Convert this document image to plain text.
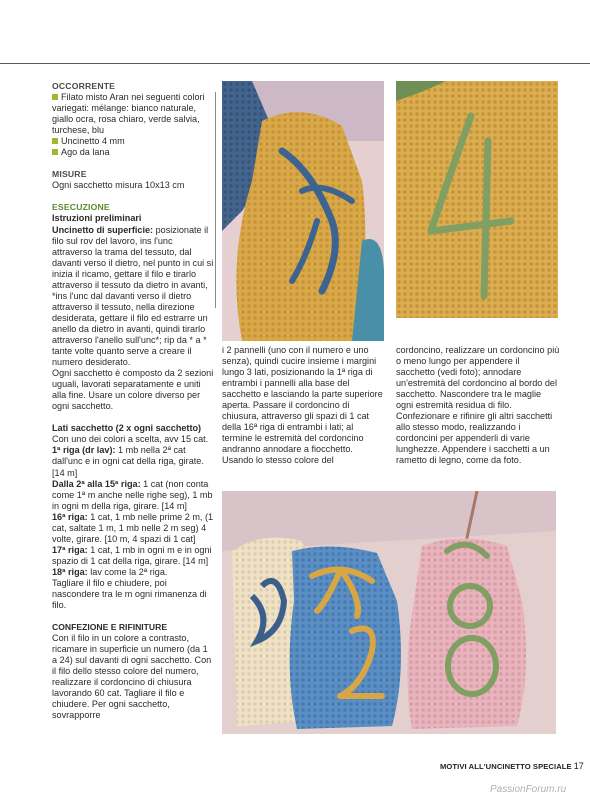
OCCORRENTE

Filato misto Aran nei seguenti colori variegati: mélange: bianco naturale, giallo ocra, rosa chiaro, verde salvia, turchese, blu

Uncinetto 4 mm

Ago da lana

MISURE

Ogni sacchetto misura 10x13 cm

ESECUZIONE

Istruzioni preliminari

Uncinetto di superficie: posizionate il filo sul rov del lavoro, ins l'unc attraverso la trama del tessuto, dal davanti verso il dietro, nel punto in cui si inizia il ricamo, gettare il filo e tirarlo attraverso il tessuto da dietro in avanti, *ins l'unc dal davanti verso il dietro attraverso il tessuto, nella direzione desiderata, gettare il filo ed estrarre un anello da dietro in avanti, quindi tirarlo attraverso l'anello sull'unc*; rip da * a * tante volte quanto serve a creare il numero desiderato.

Ogni sacchetto è composto da 2 sezioni uguali, lavorati separatamente e uniti alla fine. Usare un colore diverso per ogni sacchetto.

Lati sacchetto (2 x ogni sacchetto)

Con uno dei colori a scelta, avv 15 cat.

1ª riga (dr lav): 1 mb nella 2ª cat dall'unc e in ogni cat della riga, girate. [14 m]

Dalla 2ª alla 15ª riga: 1 cat (non conta come 1ª m anche nelle righe seg), 1 mb in ogni m della riga, girare. [14 m]

16ª riga: 1 cat, 1 mb nelle prime 2 m, (1 cat, saltate 1 m, 1 mb nelle 2 m seg) 4 volte, girare. [10 m, 4 spazi di 1 cat]

17ª riga: 1 cat, 1 mb in ogni m e in ogni spazio di 1 cat della riga, girare. [14 m]

18ª riga: lav come la 2ª riga.

Tagliare il filo e chiudere, poi nascondere tra le m ogni rimanenza di filo.

CONFEZIONE E RIFINITURE

Con il filo in un colore a contrasto, ricamare in superficie un numero (da 1 a 24) sul davanti di ogni sacchetto. Con il filo dello stesso colore del numero, realizzare il cordoncino di chiusura lavorando 60 cat. Tagliare il filo e chiudere. Per ogni sacchetto, sovrapporre

i 2 pannelli (uno con il numero e uno senza), quindi cucire insieme i margini lungo 3 lati, posizionando la 1ª riga di entrambi i pannelli alla base del sacchetto e lasciando la parte superiore aperta. Passare il cordoncino di chiusura, attraverso gli spazi di 1 cat della 16ª riga di entrambi i lati; al termine le estremità del cordoncino andranno annodare a fiocchetto. Usando lo stesso colore del

cordoncino, realizzare un cordoncino più o meno lungo per appendere il sacchetto (vedi foto); annodare un'estremità del cordoncino al bordo del sacchetto. Nascondere tra le maglie ogni estremità residua di filo. Confezionare e rifinire gli altri sacchetti allo stesso modo, realizzando i cordoncini per appenderli di varie lunghezze. Appendere i sacchetti a un rametto di legno, come da foto.

MOTIVI ALL'UNCINETTO SPECIALE 17
PassionForum.ru
